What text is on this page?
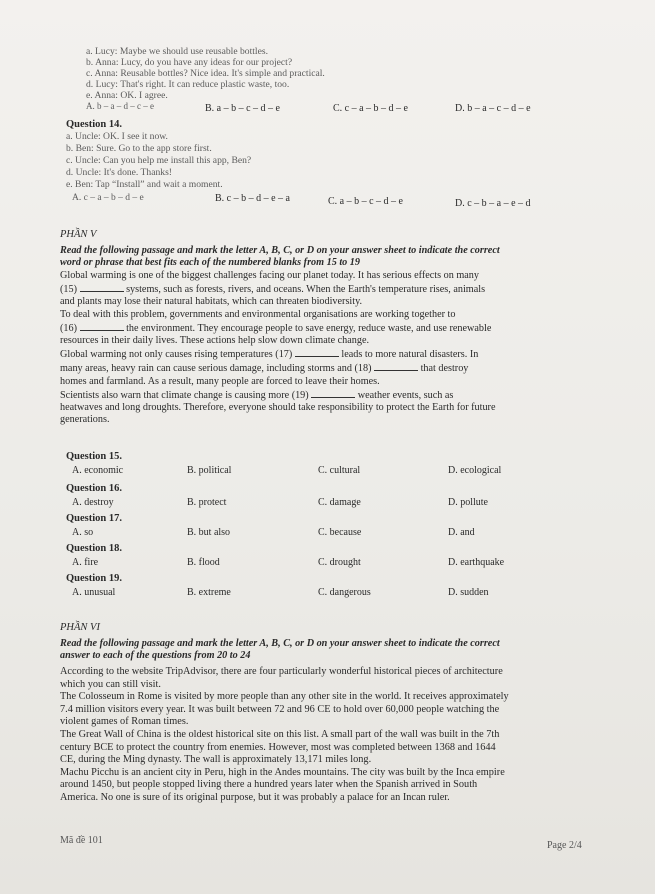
a. Lucy: Maybe we should use reusable bottles.
b. Anna: Lucy, do you have any ideas for our project?
c. Anna: Reusable bottles? Nice idea. It's simple and practical.
d. Lucy: That's right. It can reduce plastic waste, too.
e. Anna: OK. I agree.
A. b – a – d – c – e	B. a – b – c – d – e	C. c – a – b – d – e	D. b – a – c – d – e
Question 14.
a. Uncle: OK. I see it now.
b. Ben: Sure. Go to the app store first.
c. Uncle: Can you help me install this app, Ben?
d. Uncle: It's done. Thanks!
e. Ben: Tap “Install” and wait a moment.
A. c – a – b – d – e	B. c – b – d – e – a	C. a – b – c – d – e	D. c – b – a – e – d
PHẦN V
Read the following passage and mark the letter A, B, C, or D on your answer sheet to indicate the correct
word or phrase that best fits each of the numbered blanks from 15 to 19
Global warming is one of the biggest challenges facing our planet today. It has serious effects on many
(15)	systems, such as forests, rivers, and oceans. When the Earth's temperature rises, animals
and plants may lose their natural habitats, which can threaten biodiversity.
To deal with this problem, governments and environmental organisations are working together to
(16)	the environment. They encourage people to save energy, reduce waste, and use renewable
resources in their daily lives. These actions help slow down climate change.
Global warming not only causes rising temperatures (17)	leads to more natural disasters. In
many areas, heavy rain can cause serious damage, including storms and (18)	that destroy
homes and farmland. As a result, many people are forced to leave their homes.
Scientists also warn that climate change is causing more (19)	weather events, such as
heatwaves and long droughts. Therefore, everyone should take responsibility to protect the Earth for future
generations.
Question 15.
A. economic	B. political	C. cultural	D. ecological
Question 16.
A. destroy	B. protect	C. damage	D. pollute
Question 17.
A. so	B. but also	C. because	D. and
Question 18.
A. fire	B. flood	C. drought	D. earthquake
Question 19.
A. unusual	B. extreme	C. dangerous	D. sudden
PHẦN VI
Read the following passage and mark the letter A, B, C, or D on your answer sheet to indicate the correct
answer to each of the questions from 20 to 24
According to the website TripAdvisor, there are four particularly wonderful historical pieces of architecture
which you can still visit.
The Colosseum in Rome is visited by more people than any other site in the world. It receives approximately
7.4 million visitors every year. It was built between 72 and 96 CE to hold over 60,000 people watching the
violent games of Roman times.
The Great Wall of China is the oldest historical site on this list. A small part of the wall was built in the 7th
century BCE to protect the country from enemies. However, most was completed between 1368 and 1644
CE, during the Ming dynasty. The wall is approximately 13,171 miles long.
Machu Picchu is an ancient city in Peru, high in the Andes mountains. The city was built by the Inca empire
around 1450, but people stopped living there a hundred years later when the Spanish arrived in South
America. No one is sure of its original purpose, but it was probably a palace for an Incan ruler.
Mã đề 101	Page 2/4
